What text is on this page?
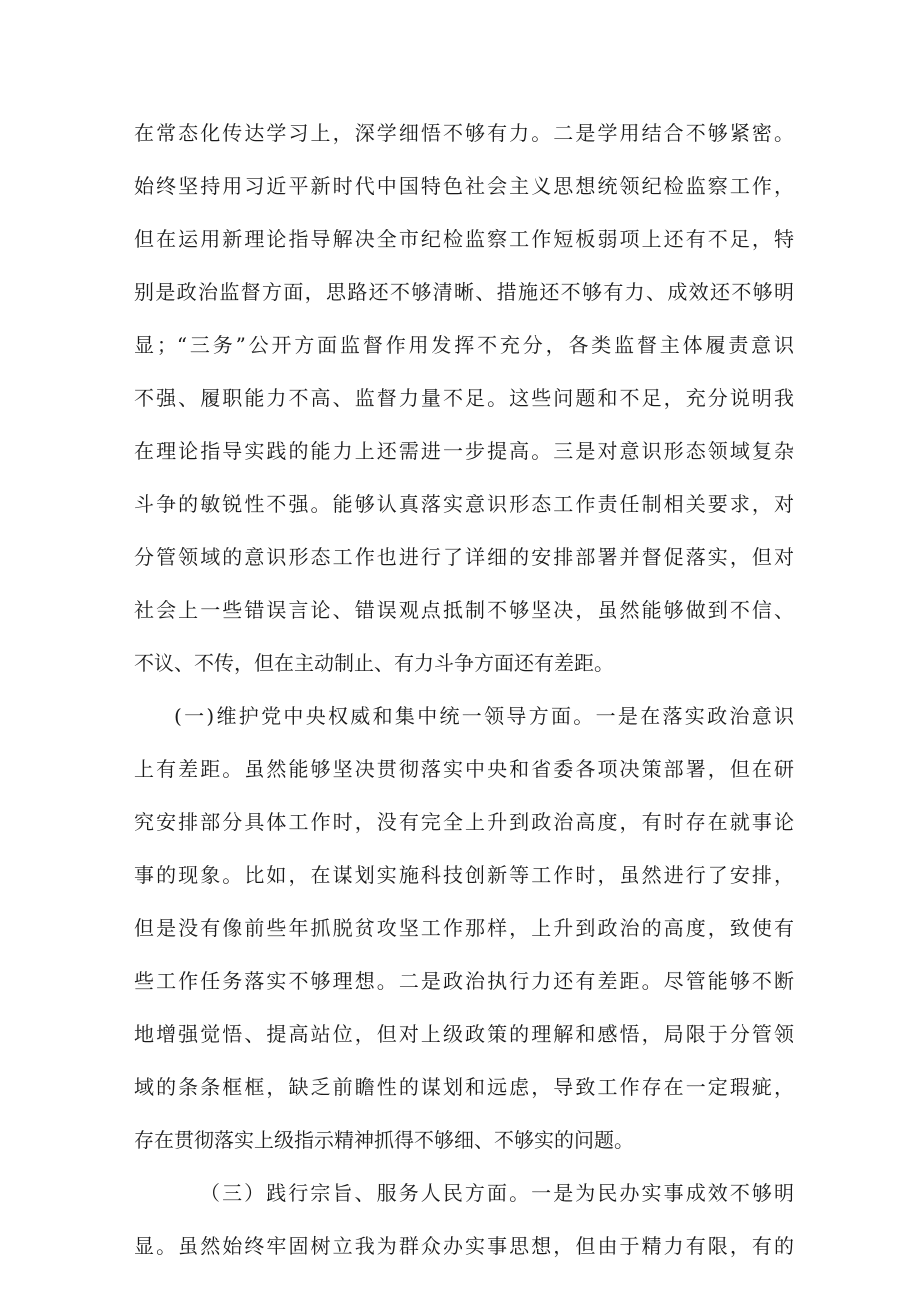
在常态化传达学习上，深学细悟不够有力。二是学用结合不够紧密。
始终坚持用习近平新时代中国特色社会主义思想统领纪检监察工作，
但在运用新理论指导解决全市纪检监察工作短板弱项上还有不足，特
别是政治监督方面，思路还不够清晰、措施还不够有力、成效还不够明
显；“三务”公开方面监督作用发挥不充分，各类监督主体履责意识
不强、履职能力不高、监督力量不足。这些问题和不足，充分说明我
在理论指导实践的能力上还需进一步提高。三是对意识形态领域复杂
斗争的敏锐性不强。能够认真落实意识形态工作责任制相关要求，对
分管领域的意识形态工作也进行了详细的安排部署并督促落实，但对
社会上一些错误言论、错误观点抵制不够坚决，虽然能够做到不信、
不议、不传，但在主动制止、有力斗争方面还有差距。
(一)维护党中央权威和集中统一领导方面。一是在落实政治意识
上有差距。虽然能够坚决贯彻落实中央和省委各项决策部署，但在研
究安排部分具体工作时，没有完全上升到政治高度，有时存在就事论
事的现象。比如，在谋划实施科技创新等工作时，虽然进行了安排，
但是没有像前些年抓脱贫攻坚工作那样，上升到政治的高度，致使有
些工作任务落实不够理想。二是政治执行力还有差距。尽管能够不断
地增强觉悟、提高站位，但对上级政策的理解和感悟，局限于分管领
域的条条框框，缺乏前瞻性的谋划和远虑，导致工作存在一定瑕疵，
存在贯彻落实上级指示精神抓得不够细、不够实的问题。
（三）践行宗旨、服务人民方面。一是为民办实事成效不够明
显。虽然始终牢固树立我为群众办实事思想，但由于精力有限，有的
